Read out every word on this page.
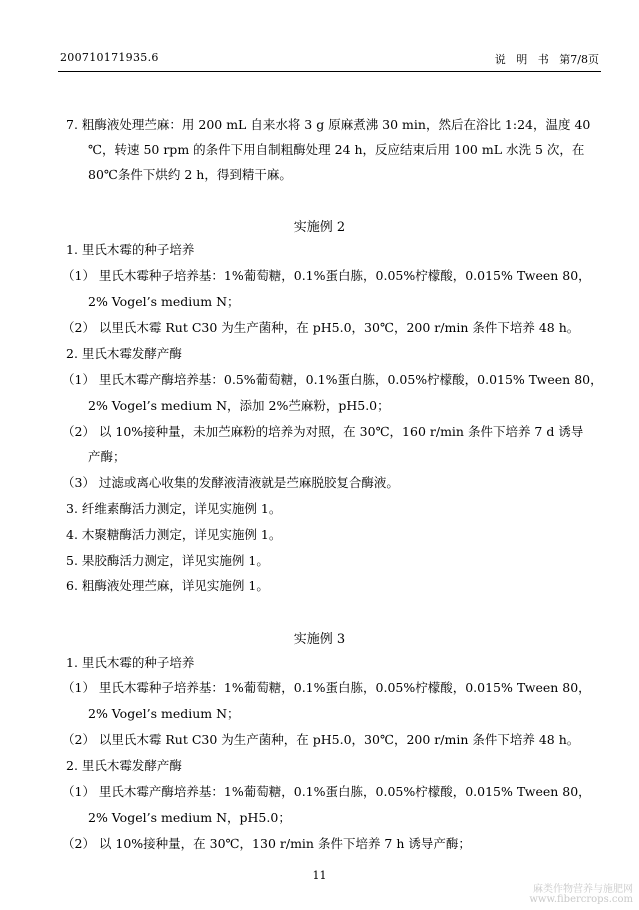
200710171935.6	说 明 书 第7/8页
7. 粗酶液处理苎麻：用 200 mL 自来水将 3 g 原麻煮沸 30 min，然后在浴比 1:24，温度 40
℃，转速 50 rpm 的条件下用自制粗酶处理 24 h，反应结束后用 100 mL 水洗 5 次，在
80℃条件下烘约 2 h，得到精干麻。
实施例 2
1. 里氏木霉的种子培养
（1） 里氏木霉种子培养基：1%葡萄糖，0.1%蛋白胨，0.05%柠檬酸，0.015% Tween 80，
2% Vogel’s medium N；
（2） 以里氏木霉 Rut C30 为生产菌种，在 pH5.0，30℃，200 r/min 条件下培养 48 h。
2. 里氏木霉发酵产酶
（1） 里氏木霉产酶培养基：0.5%葡萄糖，0.1%蛋白胨，0.05%柠檬酸，0.015% Tween 80，
2% Vogel’s medium N，添加 2%苎麻粉，pH5.0；
（2） 以 10%接种量，未加苎麻粉的培养为对照，在 30℃，160 r/min 条件下培养 7 d 诱导
产酶；
（3） 过滤或离心收集的发酵液清液就是苎麻脱胶复合酶液。
3. 纤维素酶活力测定，详见实施例 1。
4. 木聚糖酶活力测定，详见实施例 1。
5. 果胶酶活力测定，详见实施例 1。
6. 粗酶液处理苎麻，详见实施例 1。
实施例 3
1. 里氏木霉的种子培养
（1） 里氏木霉种子培养基：1%葡萄糖，0.1%蛋白胨，0.05%柠檬酸，0.015% Tween 80，
2% Vogel’s medium N；
（2） 以里氏木霉 Rut C30 为生产菌种，在 pH5.0，30℃，200 r/min 条件下培养 48 h。
2. 里氏木霉发酵产酶
（1） 里氏木霉产酶培养基：1%葡萄糖，0.1%蛋白胨，0.05%柠檬酸，0.015% Tween 80，
2% Vogel’s medium N，pH5.0；
（2） 以 10%接种量，在 30℃，130 r/min 条件下培养 7 h 诱导产酶；
11
麻类作物营养与施肥网
www.fibercrops.com
